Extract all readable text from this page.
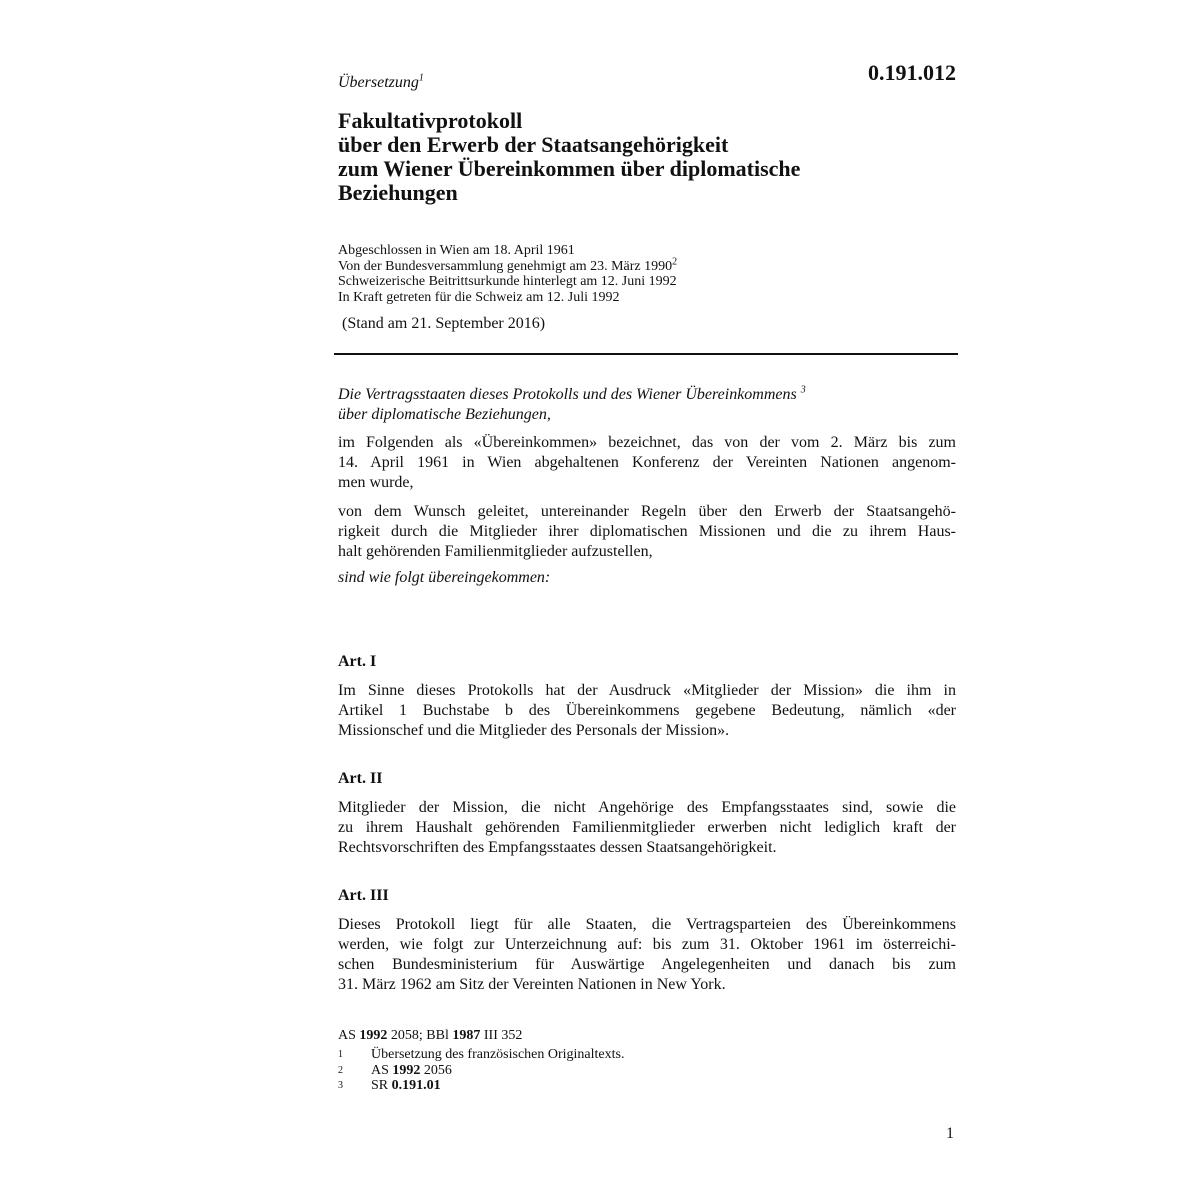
0.191.012
Übersetzung$^1$
Fakultativprotokoll
über den Erwerb der Staatsangehörigkeit
zum Wiener Übereinkommen über diplomatische
Beziehungen
Abgeschlossen in Wien am 18. April 1961
Von der Bundesversammlung genehmigt am 23. März 1990$^2$
Schweizerische Beitrittsurkunde hinterlegt am 12. Juni 1992
In Kraft getreten für die Schweiz am 12. Juli 1992
(Stand am 21. September 2016)
Die Vertragsstaaten dieses Protokolls und des Wiener Übereinkommens $^3$
über diplomatische Beziehungen,
im Folgenden als «Übereinkommen» bezeichnet, das von der vom 2. März bis zum
14. April 1961 in Wien abgehaltenen Konferenz der Vereinten Nationen angenom-
men wurde,
von dem Wunsch geleitet, untereinander Regeln über den Erwerb der Staatsangehö-
rigkeit durch die Mitglieder ihrer diplomatischen Missionen und die zu ihrem Haus-
halt gehörenden Familienmitglieder aufzustellen,
sind wie folgt übereingekommen:
Art. I
Im Sinne dieses Protokolls hat der Ausdruck «Mitglieder der Mission» die ihm in
Artikel 1 Buchstabe b des Übereinkommens gegebene Bedeutung, nämlich «der
Missionschef und die Mitglieder des Personals der Mission».
Art. II
Mitglieder der Mission, die nicht Angehörige des Empfangsstaates sind, sowie die
zu ihrem Haushalt gehörenden Familienmitglieder erwerben nicht lediglich kraft der
Rechtsvorschriften des Empfangsstaates dessen Staatsangehörigkeit.
Art. III
Dieses Protokoll liegt für alle Staaten, die Vertragsparteien des Übereinkommens
werden, wie folgt zur Unterzeichnung auf: bis zum 31. Oktober 1961 im österreichi-
schen Bundesministerium für Auswärtige Angelegenheiten und danach bis zum
31. März 1962 am Sitz der Vereinten Nationen in New York.
AS 1992 2058; BBl 1987 III 352
1	Übersetzung des französischen Originaltexts.
2	AS 1992 2056
3	SR 0.191.01
1
